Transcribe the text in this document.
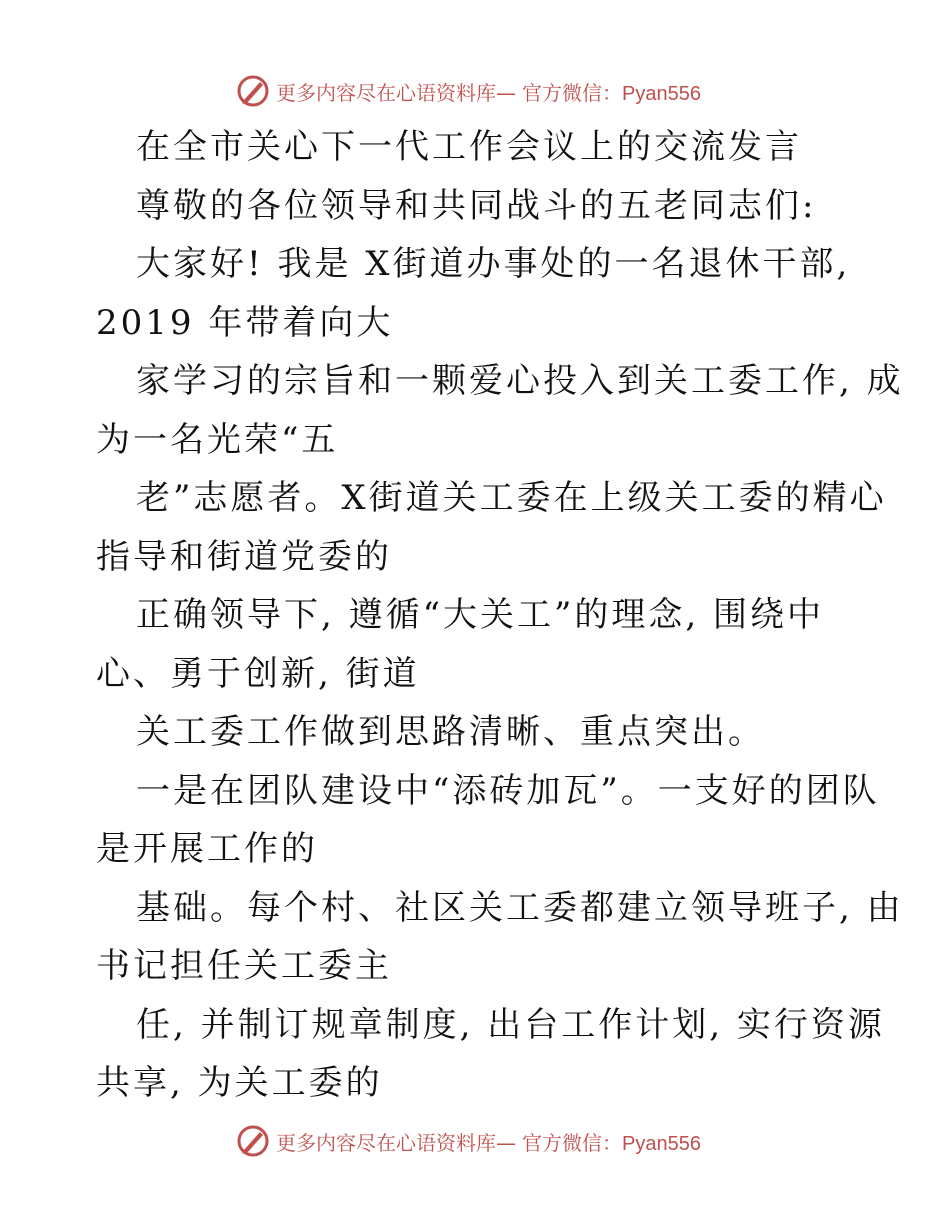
更多内容尽在心语资料库— 官方微信：Pyan556
在全市关心下一代工作会议上的交流发言
尊敬的各位领导和共同战斗的五老同志们:
大家好! 我是 X街道办事处的一名退休干部,
2019 年带着向大
家学习的宗旨和一颗爱心投入到关工委工作, 成
为一名光荣“五
老”志愿者。X街道关工委在上级关工委的精心
指导和街道党委的
正确领导下, 遵循“大关工”的理念, 围绕中
心、勇于创新, 街道
关工委工作做到思路清晰、重点突出。
一是在团队建设中“添砖加瓦”。一支好的团队
是开展工作的
基础。每个村、社区关工委都建立领导班子, 由
书记担任关工委主
任, 并制订规章制度, 出台工作计划, 实行资源
共享, 为关工委的
更多内容尽在心语资料库— 官方微信：Pyan556
